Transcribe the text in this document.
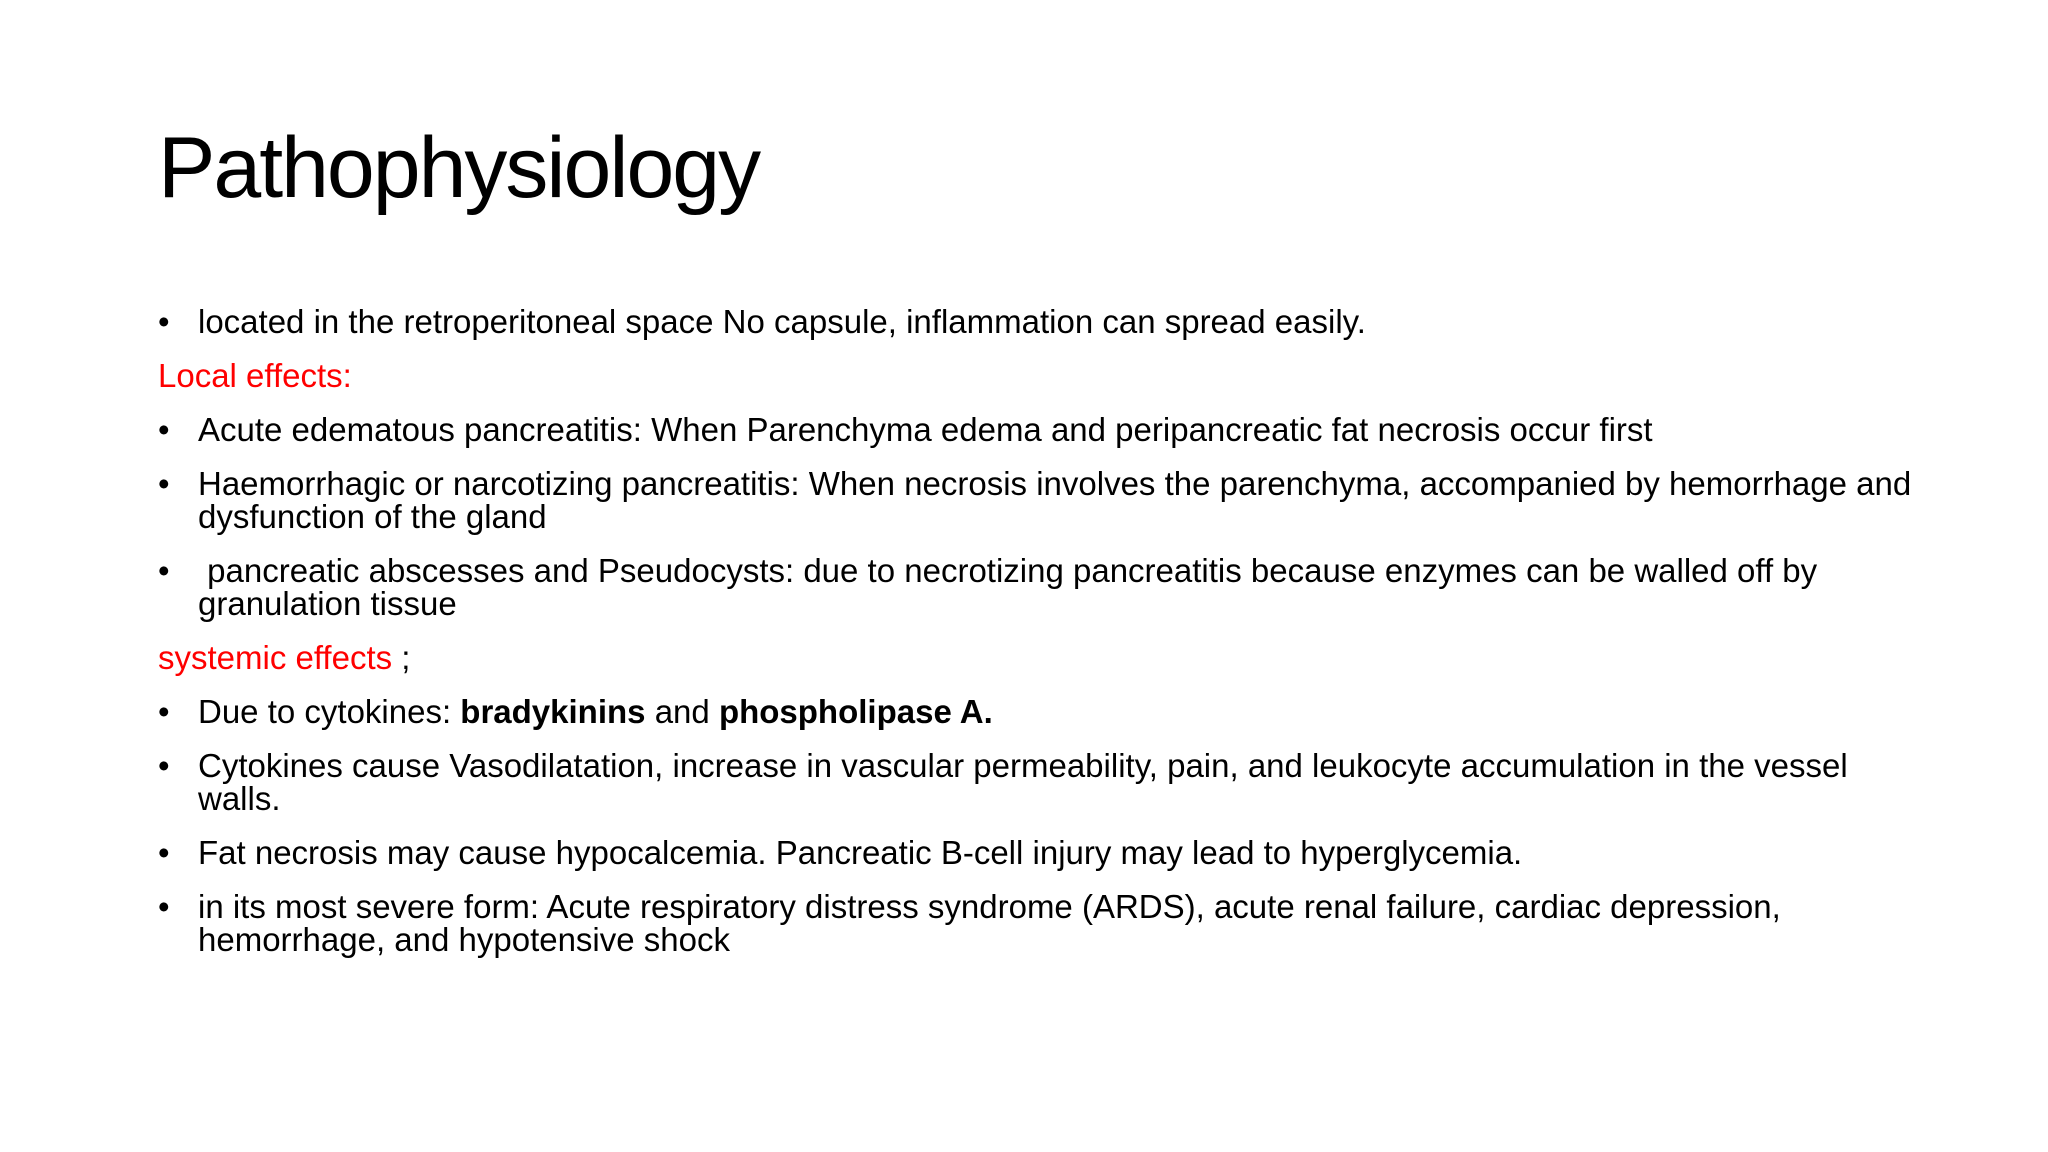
Pathophysiology
• located in the retroperitoneal space No capsule, inflammation can spread easily.
Local effects:
• Acute edematous pancreatitis: When Parenchyma edema and peripancreatic fat necrosis occur first
• Haemorrhagic or narcotizing pancreatitis: When necrosis involves the parenchyma, accompanied by hemorrhage and dysfunction of the gland
• pancreatic abscesses and Pseudocysts: due to necrotizing pancreatitis because enzymes can be walled off by granulation tissue
systemic effects ;
• Due to cytokines: bradykinins and phospholipase A.
• Cytokines cause Vasodilatation, increase in vascular permeability, pain, and leukocyte accumulation in the vessel walls.
• Fat necrosis may cause hypocalcemia. Pancreatic B-cell injury may lead to hyperglycemia.
• in its most severe form: Acute respiratory distress syndrome (ARDS), acute renal failure, cardiac depression, hemorrhage, and hypotensive shock
